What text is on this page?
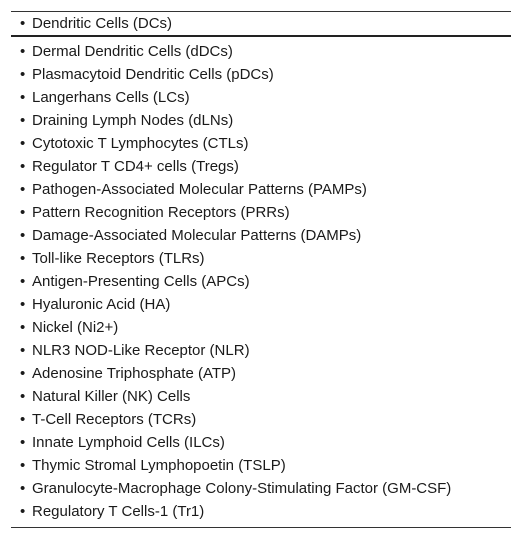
• Dendritic Cells (DCs)
• Dermal Dendritic Cells (dDCs)
• Plasmacytoid Dendritic Cells (pDCs)
• Langerhans Cells (LCs)
• Draining Lymph Nodes (dLNs)
• Cytotoxic T Lymphocytes (CTLs)
• Regulator T CD4+ cells (Tregs)
• Pathogen-Associated Molecular Patterns (PAMPs)
• Pattern Recognition Receptors (PRRs)
• Damage-Associated Molecular Patterns (DAMPs)
• Toll-like Receptors (TLRs)
• Antigen-Presenting Cells (APCs)
• Hyaluronic Acid (HA)
• Nickel (Ni2+)
• NLR3 NOD-Like Receptor (NLR)
• Adenosine Triphosphate (ATP)
• Natural Killer (NK) Cells
• T-Cell Receptors (TCRs)
• Innate Lymphoid Cells (ILCs)
• Thymic Stromal Lymphopoetin (TSLP)
• Granulocyte-Macrophage Colony-Stimulating Factor (GM-CSF)
• Regulatory T Cells-1 (Tr1)
